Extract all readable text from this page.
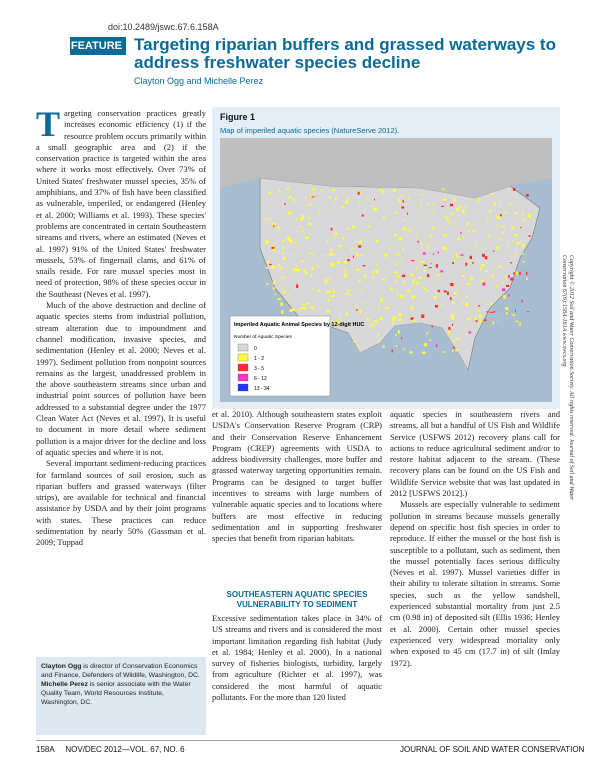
doi:10.2489/jswc.67.6.158A
FEATURE Targeting riparian buffers and grassed waterways to address freshwater species decline
Clayton Ogg and Michelle Perez

Targeting conservation practices greatly increases economic efficiency (1) if the resource problem occurs primarily within a small geographic area and (2) if the conservation practice is targeted within the area where it works most effectively. Over 73% of United States' freshwater mussel species, 35% of amphibians, and 37% of fish have been classified as vulnerable, imperiled, or endangered (Henley et al. 2000; Williams et al. 1993). These species' problems are concentrated in certain Southeastern streams and rivers, where an estimated (Neves et al. 1997) 91% of the United States' freshwater mussels, 53% of fingernail clams, and 61% of snails reside. For rare mussel species most in need of protection, 98% of these species occur in the Southeast (Neves et al. 1997).

Much of the above destruction and decline of aquatic species stems from industrial pollution, stream alteration due to impoundment and channel modification, invasive species, and sedimentation (Henley et al. 2000; Neves et al. 1997). Sediment pollution from nonpoint sources remains as the largest, unaddressed problem in the above southeastern streams since urban and industrial point sources of pollution have been addressed to a substantial degree under the 1977 Clean Water Act (Neves et al. 1997). It is useful to document in more detail where sediment pollution is a major driver for the decline and loss of aquatic species and where it is not.

Several important sediment-reducing practices for farmland sources of soil erosion, such as riparian buffers and grassed waterways (filter strips), are available for technical and financial assistance by USDA and by their joint programs with states. These practices can reduce sedimentation by nearly 50% (Gassman et al. 2009; Tuppad

Figure 1
Map of imperiled aquatic species (NatureServe 2012).
Imperiled Aquatic Animal Species by 12-digit HUC
Number of Aquatic Species
0
1 - 2
3 - 5
6 - 12
13 - 34

et al. 2010). Although southeastern states exploit USDA's Conservation Reserve Program (CRP) and their Conservation Reserve Enhancement Program (CREP) agreements with USDA to address biodiversity challenges, more buffer and grassed waterway targeting opportunities remain. Programs can be designed to target buffer incentives to streams with large numbers of vulnerable aquatic species and to locations where buffers are most effective in reducing sedimentation and in supporting freshwater species that benefit from riparian habitats.

SOUTHEASTERN AQUATIC SPECIES VULNERABILITY TO SEDIMENT

Excessive sedimentation takes place in 34% of US streams and rivers and is considered the most important limitation regarding fish habitat (Judy et al. 1984; Henley et al. 2000). In a national survey of fisheries biologists, turbidity, largely from agriculture (Richter et al. 1997), was considered the most harmful of aquatic pollutants. For the more than 120 listed

aquatic species in southeastern rivers and streams, all but a handful of US Fish and Wildlife Service (USFWS 2012) recovery plans call for actions to reduce agricultural sediment and/or to restore habitat adjacent to the stream. (These recovery plans can be found on the US Fish and Wildlife Service website that was last updated in 2012 [USFWS 2012].)

Mussels are especially vulnerable to sediment pollution in streams because mussels generally depend on specific host fish species in order to reproduce. If either the mussel or the host fish is susceptible to a pollutant, such as sediment, then the mussel potentially faces serious difficulty (Neves et al. 1997). Mussel varieties differ in their ability to tolerate siltation in streams. Some species, such as the yellow sandshell, experienced substantial mortality from just 2.5 cm (0.98 in) of deposited silt (Ellis 1936; Henley et al. 2000). Certain other mussel species experienced very widespread mortality only when exposed to 45 cm (17.7 in) of silt (Imlay 1972).

Clayton Ogg is director of Conservation Economics and Finance, Defenders of Wildlife, Washington, DC. Michelle Perez is senior associate with the Water Quality Team, World Resources Institute, Washington, DC.
158A     NOV/DEC 2012—VOL. 67, NO. 6	JOURNAL OF SOIL AND WATER CONSERVATION
Copyright © 2012 Soil and Water Conservation Society. All rights reserved. Journal of Soil and Water Conservation 67(6):158A-161A www.swcs.org
